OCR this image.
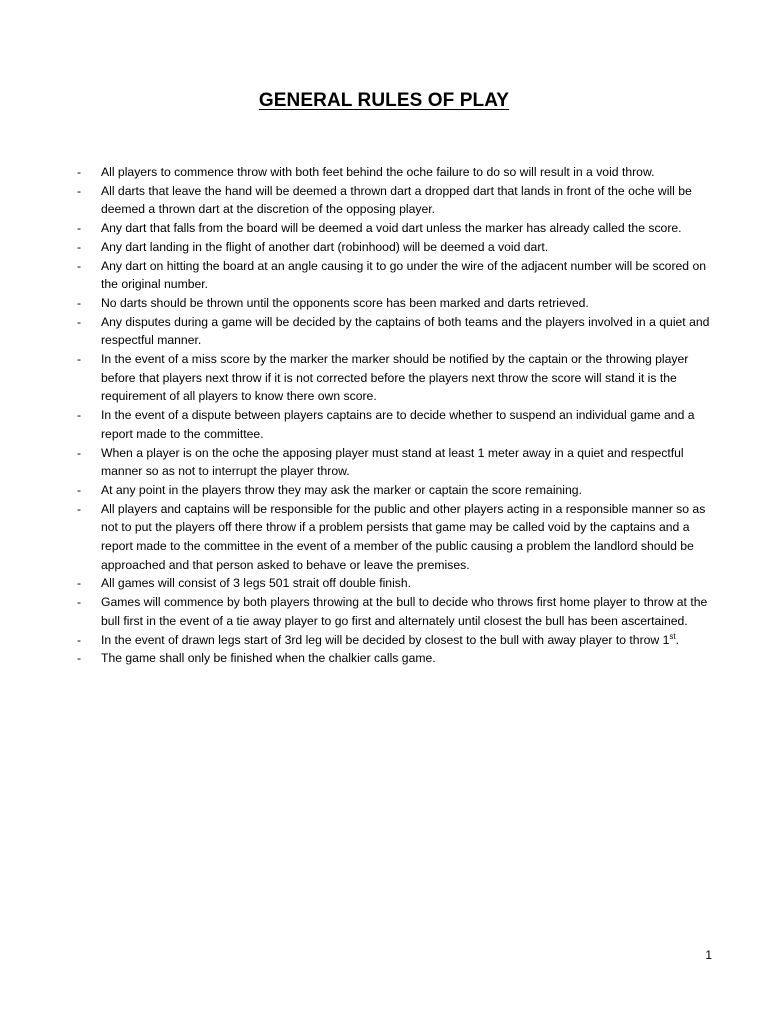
GENERAL RULES OF PLAY
- All players to commence throw with both feet behind the oche failure to do so will result in a void throw.
- All darts that leave the hand will be deemed a thrown dart a dropped dart that lands in front of the oche will be deemed a thrown dart at the discretion of the opposing player.
- Any dart that falls from the board will be deemed a void dart unless the marker has already called the score.
- Any dart landing in the flight of another dart (robinhood) will be deemed a void dart.
- Any dart on hitting the board at an angle causing it to go under the wire of the adjacent number will be scored on the original number.
- No darts should be thrown until the opponents score has been marked and darts retrieved.
- Any disputes during a game will be decided by the captains of both teams and the players involved in a quiet and respectful manner.
- In the event of a miss score by the marker the marker should be notified by the captain or the throwing player before that players next throw if it is not corrected before the players next throw the score will stand it is the requirement of all players to know there own score.
- In the event of a dispute between players captains are to decide whether to suspend an individual game and a report made to the committee.
- When a player is on the oche the apposing player must stand at least 1 meter away in a quiet and respectful manner so as not to interrupt the player throw.
- At any point in the players throw they may ask the marker or captain the score remaining.
- All players and captains will be responsible for the public and other players acting in a responsible manner so as not to put the players off there throw if a problem persists that game may be called void by the captains and a report made to the committee in the event of a member of the public causing a problem the landlord should be approached and that person asked to behave or leave the premises.
- All games will consist of 3 legs 501 strait off double finish.
- Games will commence by both players throwing at the bull to decide who throws first home player to throw at the bull first in the event of a tie away player to go first and alternately until closest the bull has been ascertained.
- In the event of drawn legs start of 3rd leg will be decided by closest to the bull with away player to throw 1st.
- The game shall only be finished when the chalkier calls game.
1
